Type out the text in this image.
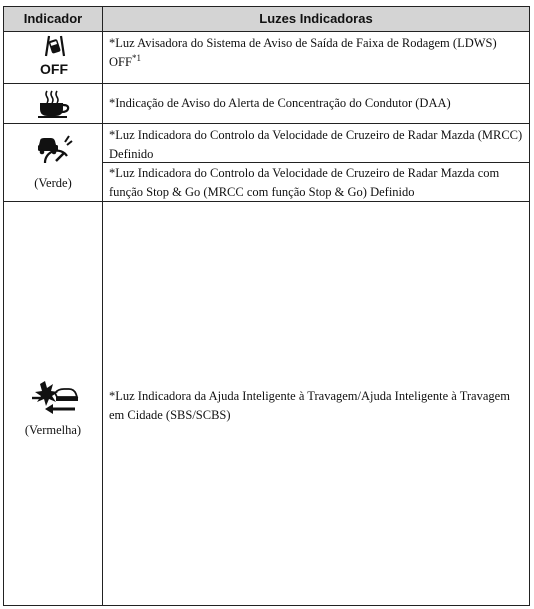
Indicador	Luzes Indicadoras
OFF
*Luz Avisadora do Sistema de Aviso de Saída de Faixa de Rodagem (LDWS) OFF$^{*1}$
*Indicação de Aviso do Alerta de Concentração do Condutor (DAA)
(Verde)
*Luz Indicadora do Controlo da Velocidade de Cruzeiro de Radar Mazda (MRCC) Definido
*Luz Indicadora do Controlo da Velocidade de Cruzeiro de Radar Mazda com função Stop & Go (MRCC com função Stop & Go) Definido
(Vermelha)
*Luz Indicadora da Ajuda Inteligente à Travagem/Ajuda Inteligente à Travagem em Cidade (SBS/SCBS)
